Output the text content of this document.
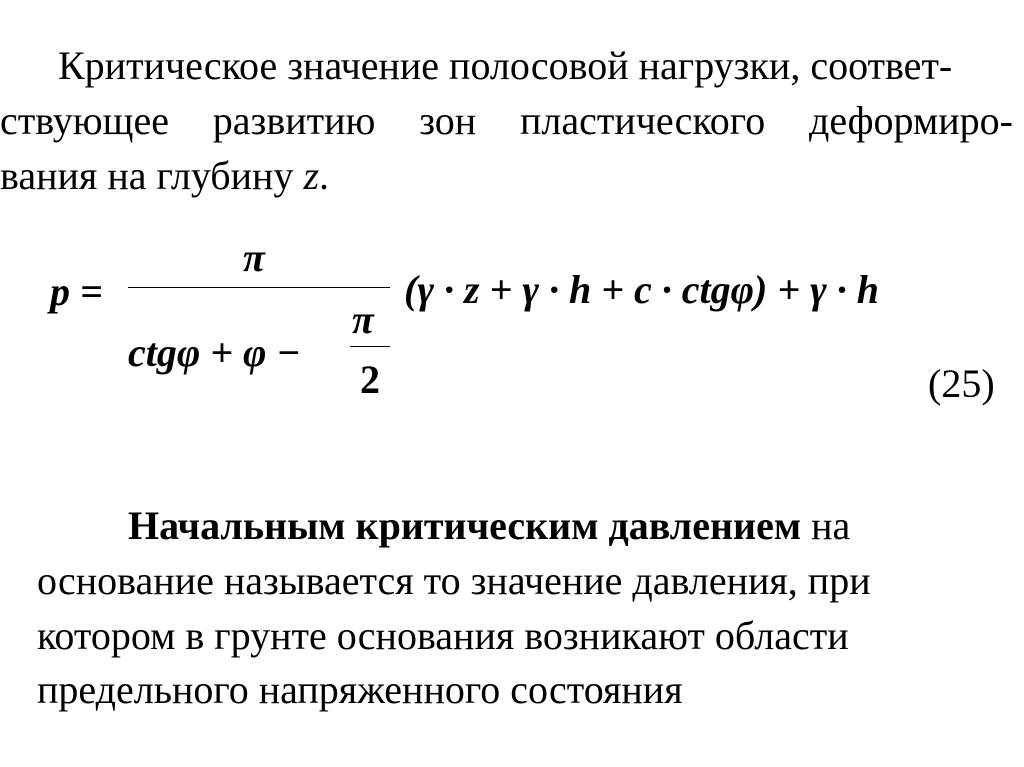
Критическое значение полосовой нагрузки, соответ-
ствующее развитию зон пластического деформиро-
вания на глубину z.
p =
π
ctgφ + φ −
π
2
(γ · z + γ · h + c · ctgφ) + γ · h
(25)
Начальным критическим давлением на
основание называется то значение давления, при
котором в грунте основания возникают области
предельного напряженного состояния
